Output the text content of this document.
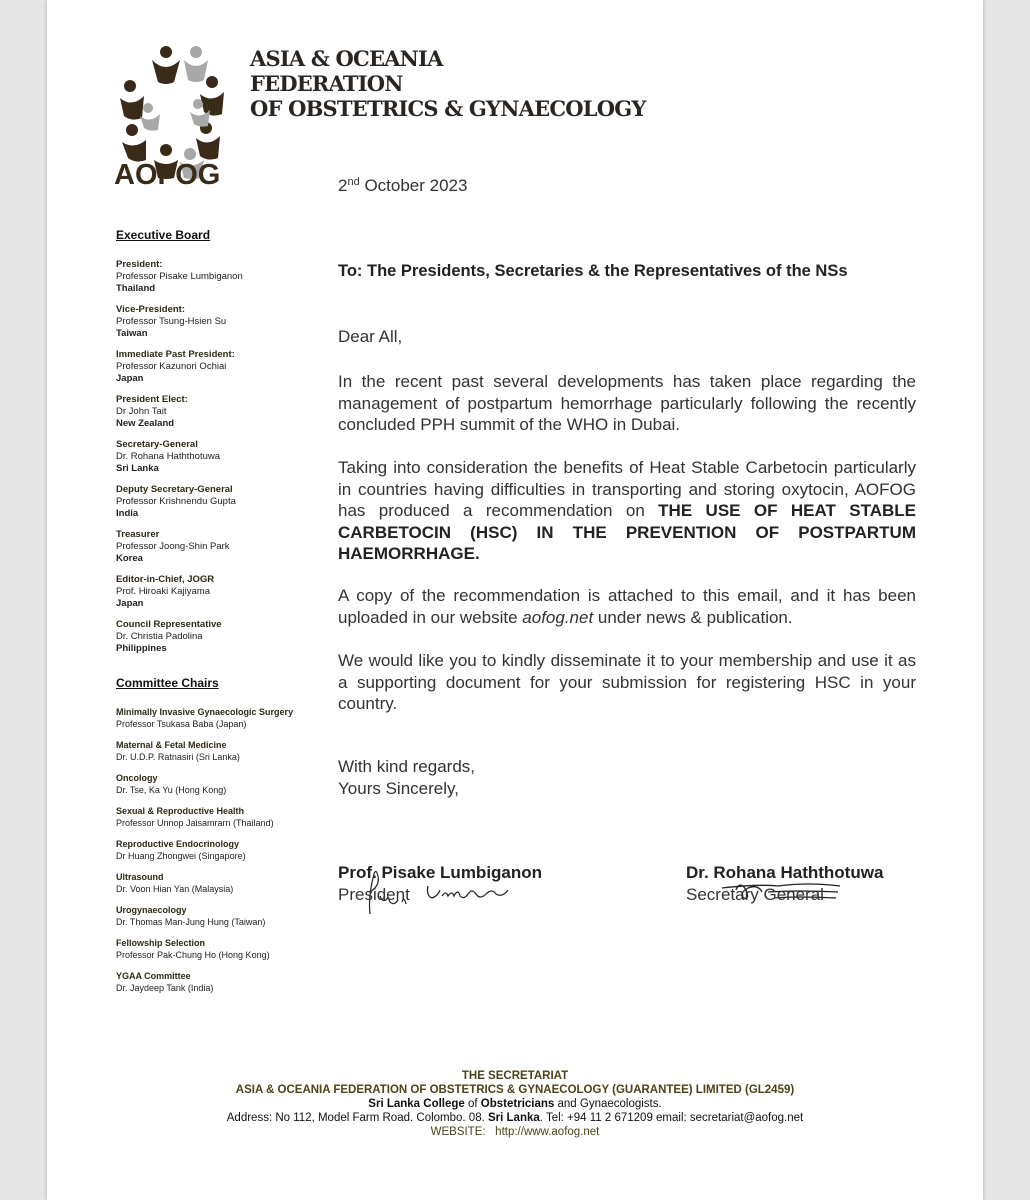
AOFOG
ASIA & OCEANIA
FEDERATION
OF OBSTETRICS & GYNAECOLOGY
2nd October 2023
Executive Board
President:
Professor Pisake Lumbiganon
Thailand
Vice-President:
Professor Tsung-Hsien Su
Taiwan
Immediate Past President:
Professor Kazunori Ochiai
Japan
President Elect:
Dr John Tait
New Zealand
Secretary-General
Dr. Rohana Haththotuwa
Sri Lanka
Deputy Secretary-General
Professor Krishnendu Gupta
India
Treasurer
Professor Joong-Shin Park
Korea
Editor-in-Chief, JOGR
Prof. Hiroaki Kajiyama
Japan
Council Representative
Dr. Christia Padolina
Philippines
Committee Chairs
Minimally Invasive Gynaecologic Surgery
Professor Tsukasa Baba (Japan)
Maternal & Fetal Medicine
Dr. U.D.P. Ratnasiri (Sri Lanka)
Oncology
Dr. Tse, Ka Yu (Hong Kong)
Sexual & Reproductive Health
Professor Unnop Jaisamrarn (Thailand)
Reproductive Endocrinology
Dr Huang Zhongwei (Singapore)
Ultrasound
Dr. Voon Hian Yan (Malaysia)
Urogynaecology
Dr. Thomas Man-Jung Hung (Taiwan)
Fellowship Selection
Professor Pak-Chung Ho (Hong Kong)
YGAA Committee
Dr. Jaydeep Tank (India)

To: The Presidents, Secretaries & the Representatives of the NSs

Dear All,

In the recent past several developments has taken place regarding the management of postpartum hemorrhage particularly following the recently concluded PPH summit of the WHO in Dubai.

Taking into consideration the benefits of Heat Stable Carbetocin particularly in countries having difficulties in transporting and storing oxytocin, AOFOG has produced a recommendation on THE USE OF HEAT STABLE CARBETOCIN (HSC) IN THE PREVENTION OF POSTPARTUM HAEMORRHAGE.

A copy of the recommendation is attached to this email, and it has been uploaded in our website aofog.net under news & publication.

We would like you to kindly disseminate it to your membership and use it as a supporting document for your submission for registering HSC in your country.

With kind regards,
Yours Sincerely,
Prof. Pisake Lumbiganon
President
Dr. Rohana Haththotuwa
Secretary General
THE SECRETARIAT
ASIA & OCEANIA FEDERATION OF OBSTETRICS & GYNAECOLOGY (GUARANTEE) LIMITED (GL2459)
Sri Lanka College of Obstetricians and Gynaecologists.
Address: No 112, Model Farm Road. Colombo. 08. Sri Lanka. Tel: +94 11 2 671209 email: secretariat@aofog.net
WEBSITE: http://www.aofog.net
